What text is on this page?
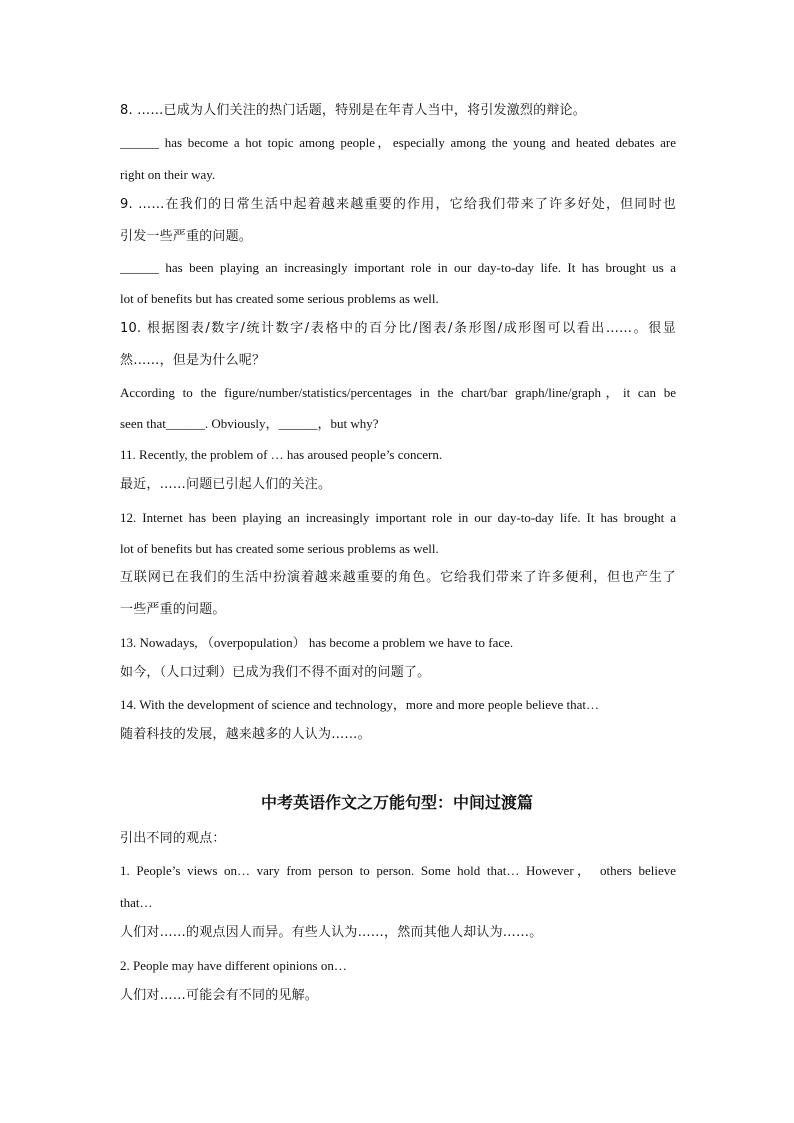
8. ……已成为人们关注的热门话题，特别是在年青人当中，将引发激烈的辩论。
______ has become a hot topic among people，especially among the young and heated debates are
right on their way.
9. ……在我们的日常生活中起着越来越重要的作用，它给我们带来了许多好处，但同时也
引发一些严重的问题。
______ has been playing an increasingly important role in our day-to-day life. It has brought us a
lot of benefits but has created some serious problems as well.
10. 根据图表/数字/统计数字/表格中的百分比/图表/条形图/成形图可以看出……。很显
然……，但是为什么呢？
According to the figure/number/statistics/percentages in the chart/bar graph/line/graph，it can be
seen that______. Obviously，______，but why?
11. Recently, the problem of … has aroused people’s concern.
最近，……问题已引起人们的关注。
12. Internet has been playing an increasingly important role in our day-to-day life. It has brought a
lot of benefits but has created some serious problems as well.
互联网已在我们的生活中扮演着越来越重要的角色。它给我们带来了许多便利，但也产生了
一些严重的问题。
13. Nowadays, （overpopulation） has become a problem we have to face.
如今，（人口过剩）已成为我们不得不面对的问题了。
14. With the development of science and technology，more and more people believe that…
随着科技的发展，越来越多的人认为……。
中考英语作文之万能句型：中间过渡篇
引出不同的观点：
1. People’s views on… vary from person to person. Some hold that… However， others believe
that…
人们对……的观点因人而异。有些人认为……，然而其他人却认为……。
2. People may have different opinions on…
人们对……可能会有不同的见解。
